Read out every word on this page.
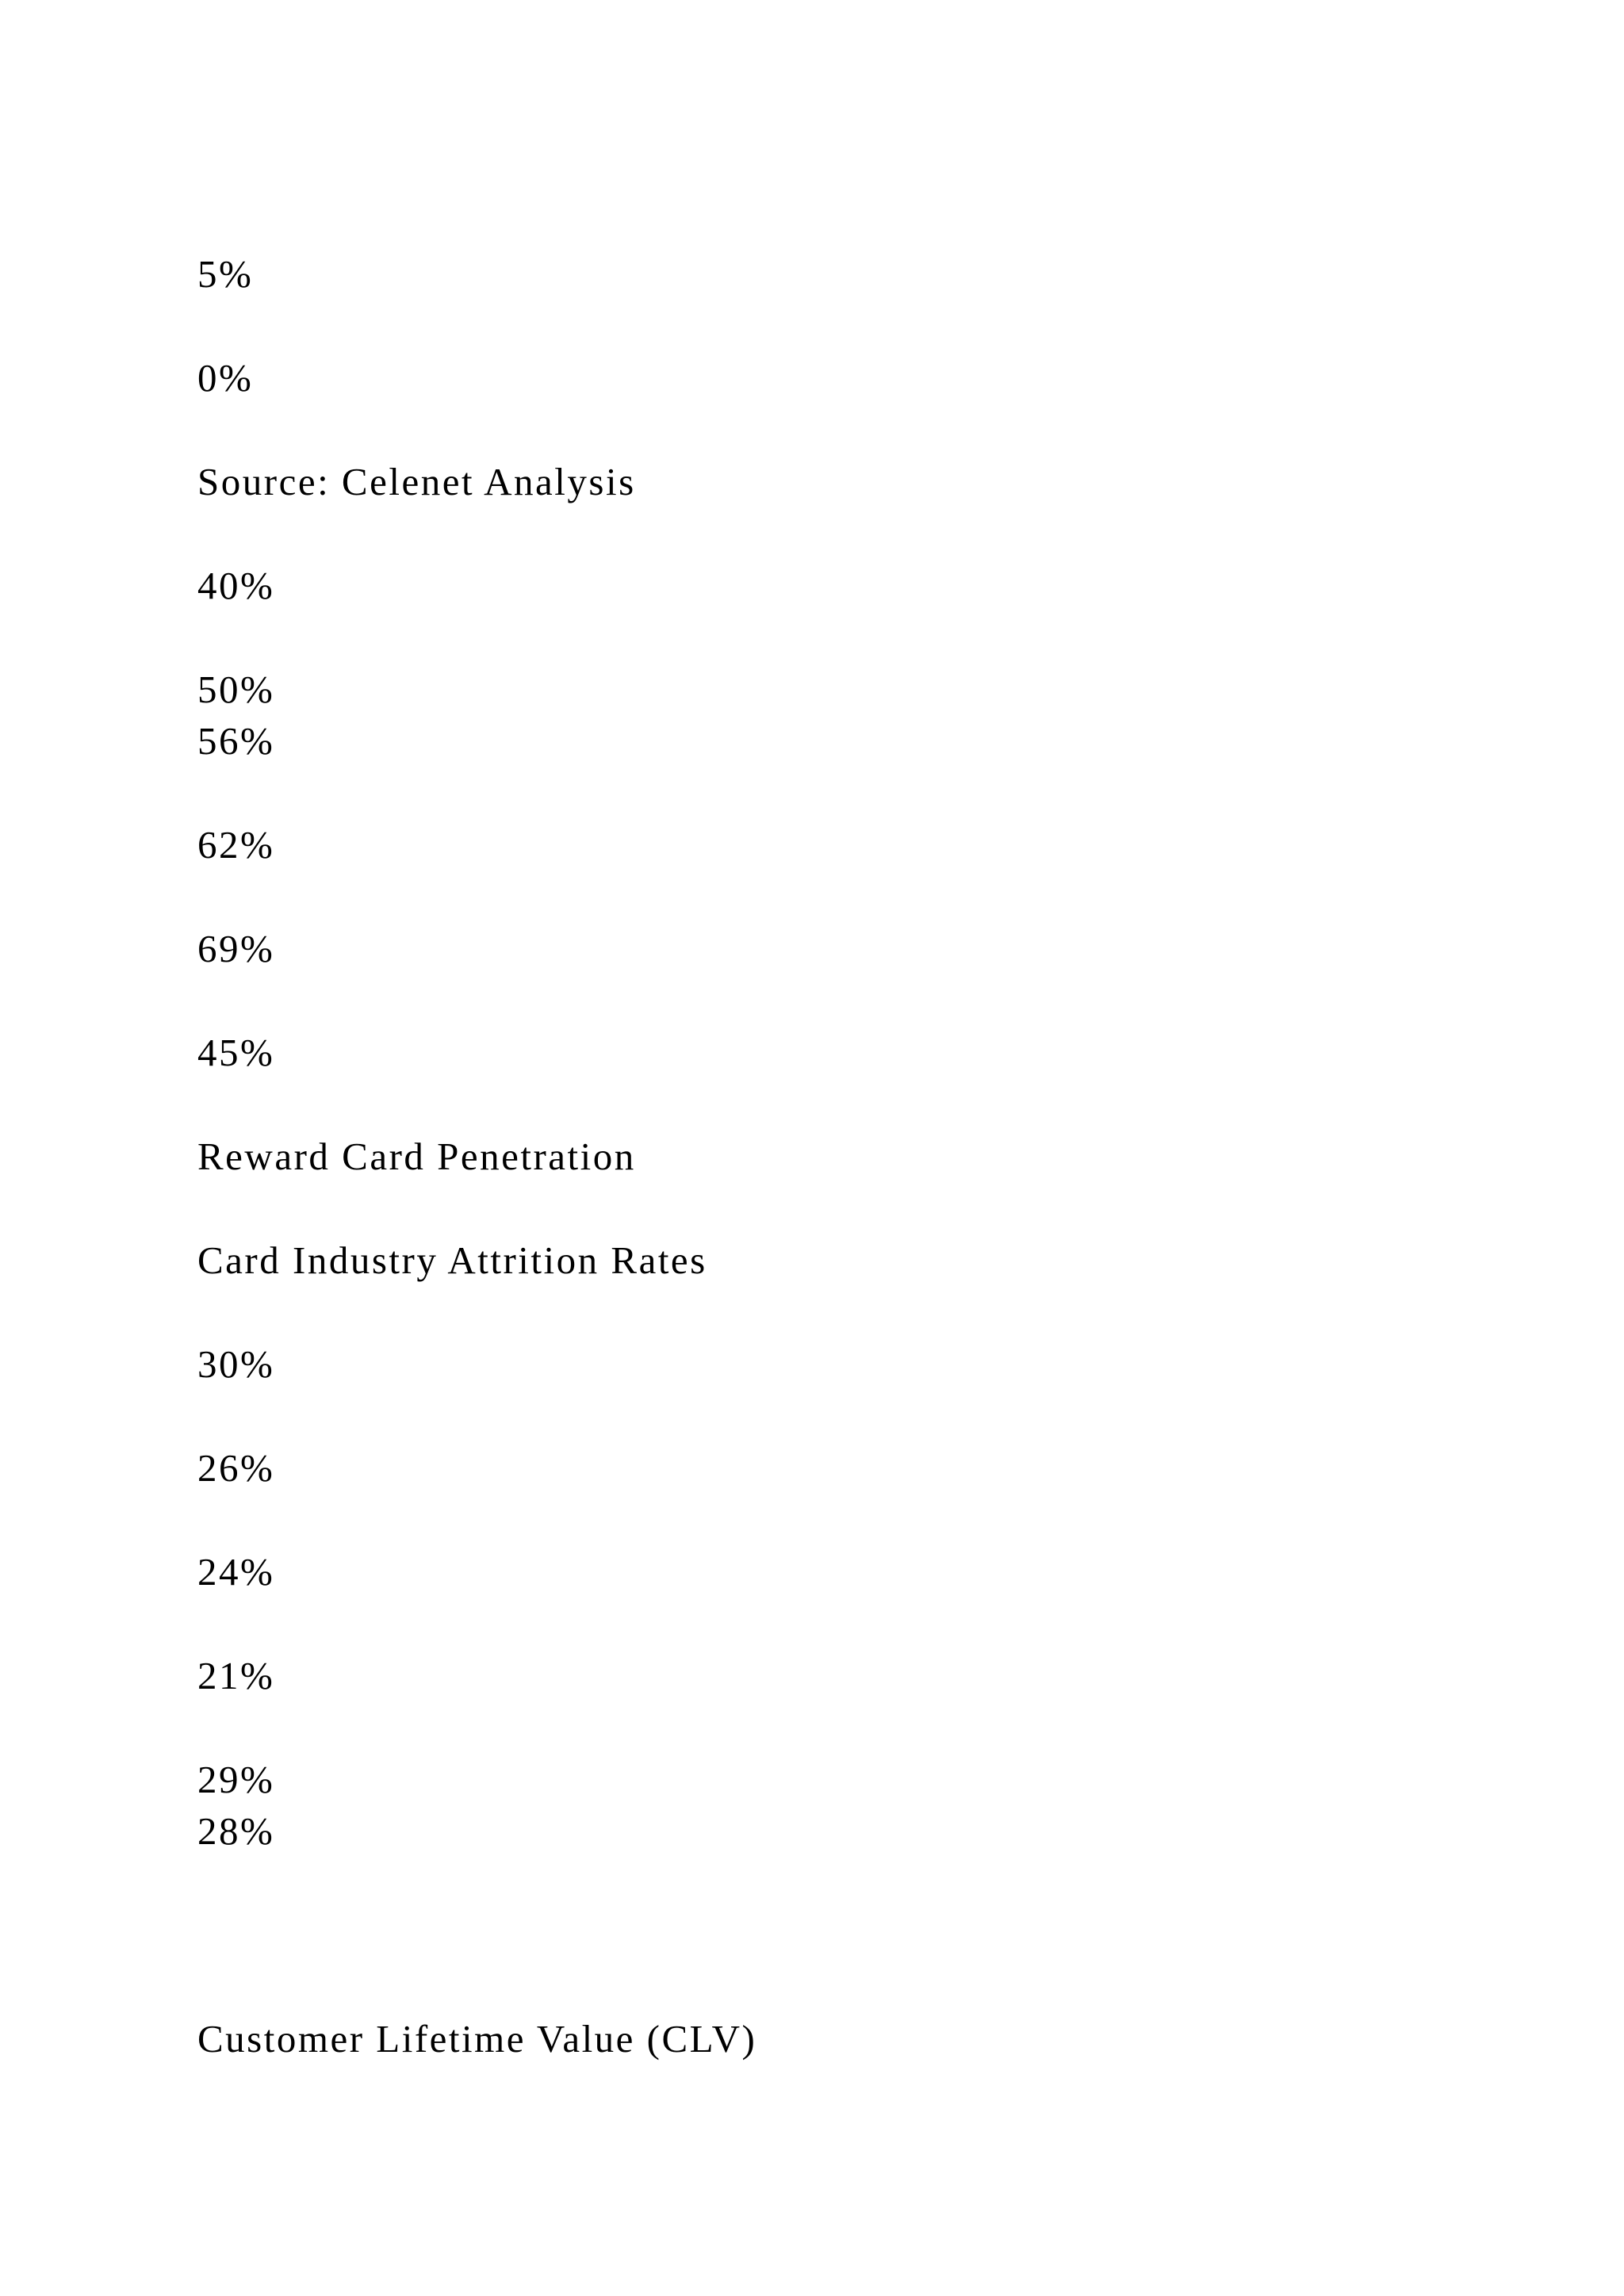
5%
0%
Source: Celenet Analysis
40%
50%
56%
62%
69%
45%
Reward Card Penetration
Card Industry Attrition Rates
30%
26%
24%
21%
29%
28%
Customer Lifetime Value (CLV)
